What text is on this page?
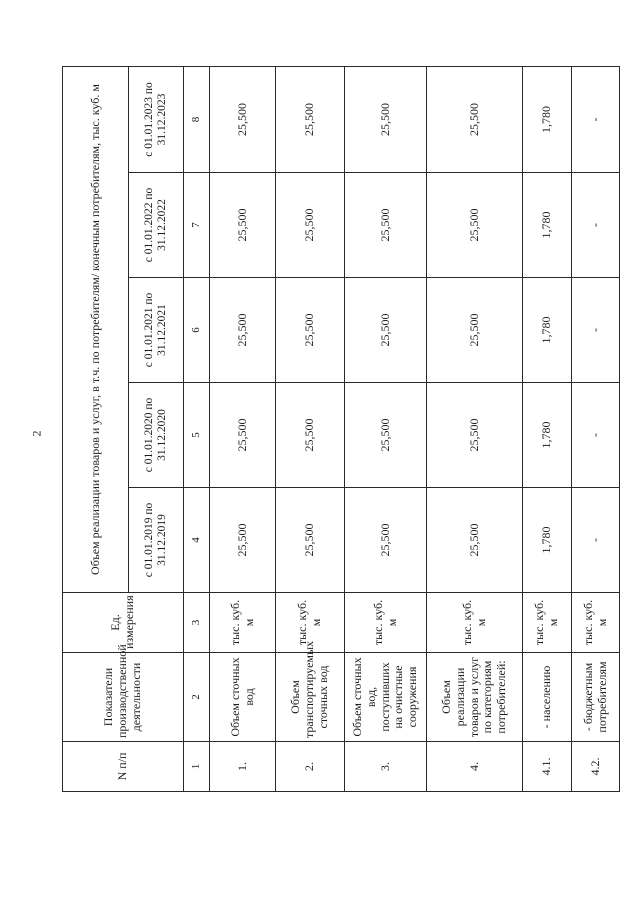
2
N п/п	Показатели производственной деятельности	Ед. измерения	Объем реализации товаров и услуг, в т.ч. по потребителям/ конечным потребителям, тыс. куб. м				
			с 01.01.2019 по 31.12.2019	с 01.01.2020 по 31.12.2020	с 01.01.2021 по 31.12.2021	с 01.01.2022 по 31.12.2022	с 01.01.2023 по 31.12.2023
1	2	3	4	5	6	7	8
1.	Объем сточных вод	тыс. куб. м	25,500	25,500	25,500	25,500	25,500
2.	Объем транспортируемых сточных вод	тыс. куб. м	25,500	25,500	25,500	25,500	25,500
3.	Объем сточных вод, поступивших на очистные сооружения	тыс. куб. м	25,500	25,500	25,500	25,500	25,500
4.	Объем реализации товаров и услуг по категориям потребителей:	тыс. куб. м	25,500	25,500	25,500	25,500	25,500
4.1.	- населению	тыс. куб. м	1,780	1,780	1,780	1,780	1,780
4.2.	- бюджетным потребителям	тыс. куб. м	-	-	-	-	-
